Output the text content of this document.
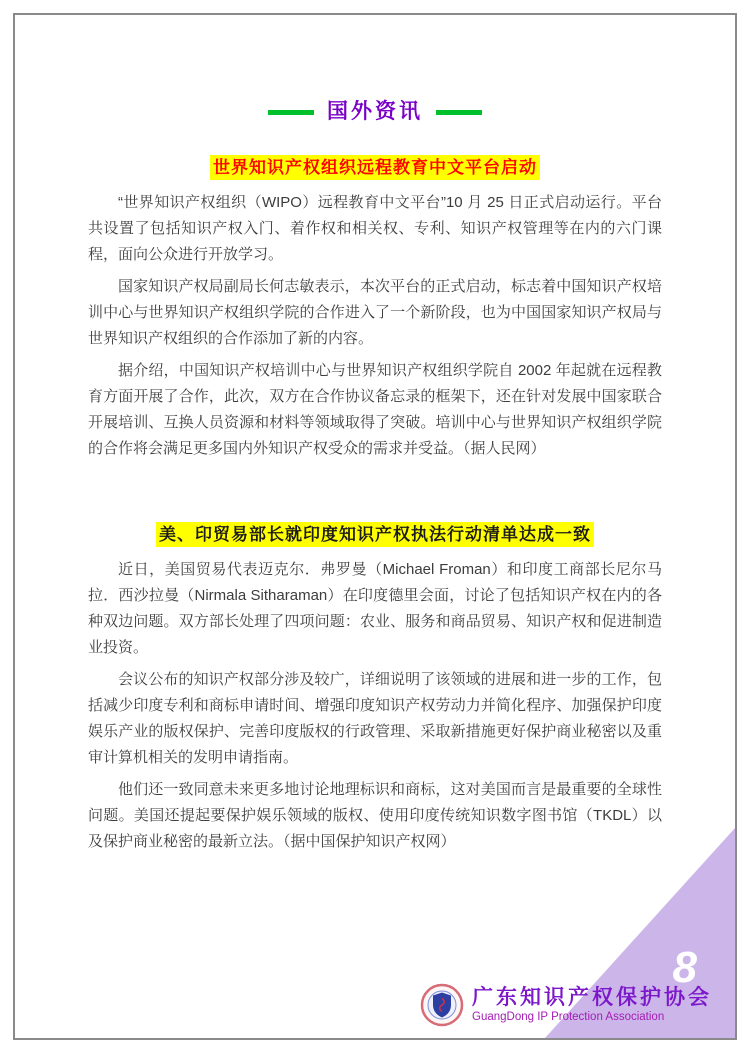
国外资讯
世界知识产权组织远程教育中文平台启动

“世界知识产权组织（WIPO）远程教育中文平台”10 月 25 日正式启动运行。平台共设置了包括知识产权入门、着作权和相关权、专利、知识产权管理等在内的六门课程，面向公众进行开放学习。

国家知识产权局副局长何志敏表示，本次平台的正式启动，标志着中国知识产权培训中心与世界知识产权组织学院的合作进入了一个新阶段，也为中国国家知识产权局与世界知识产权组织的合作添加了新的内容。

据介绍，中国知识产权培训中心与世界知识产权组织学院自 2002 年起就在远程教育方面开展了合作，此次，双方在合作协议备忘录的框架下，还在针对发展中国家联合开展培训、互换人员资源和材料等领域取得了突破。培训中心与世界知识产权组织学院的合作将会满足更多国内外知识产权受众的需求并受益。（据人民网）

美、印贸易部长就印度知识产权执法行动清单达成一致

近日，美国贸易代表迈克尔．弗罗曼（Michael Froman）和印度工商部长尼尔马拉．西沙拉曼（Nirmala Sitharaman）在印度德里会面，讨论了包括知识产权在内的各种双边问题。双方部长处理了四项问题：农业、服务和商品贸易、知识产权和促进制造业投资。

会议公布的知识产权部分涉及较广，详细说明了该领域的进展和进一步的工作，包括减少印度专利和商标申请时间、增强印度知识产权劳动力并简化程序、加强保护印度娱乐产业的版权保护、完善印度版权的行政管理、采取新措施更好保护商业秘密以及重审计算机相关的发明申请指南。

他们还一致同意未来更多地讨论地理标识和商标，这对美国而言是最重要的全球性问题。美国还提起要保护娱乐领域的版权、使用印度传统知识数字图书馆（TKDL）以及保护商业秘密的最新立法。（据中国保护知识产权网）

8
广东知识产权保护协会
GuangDong IP Protection Association
